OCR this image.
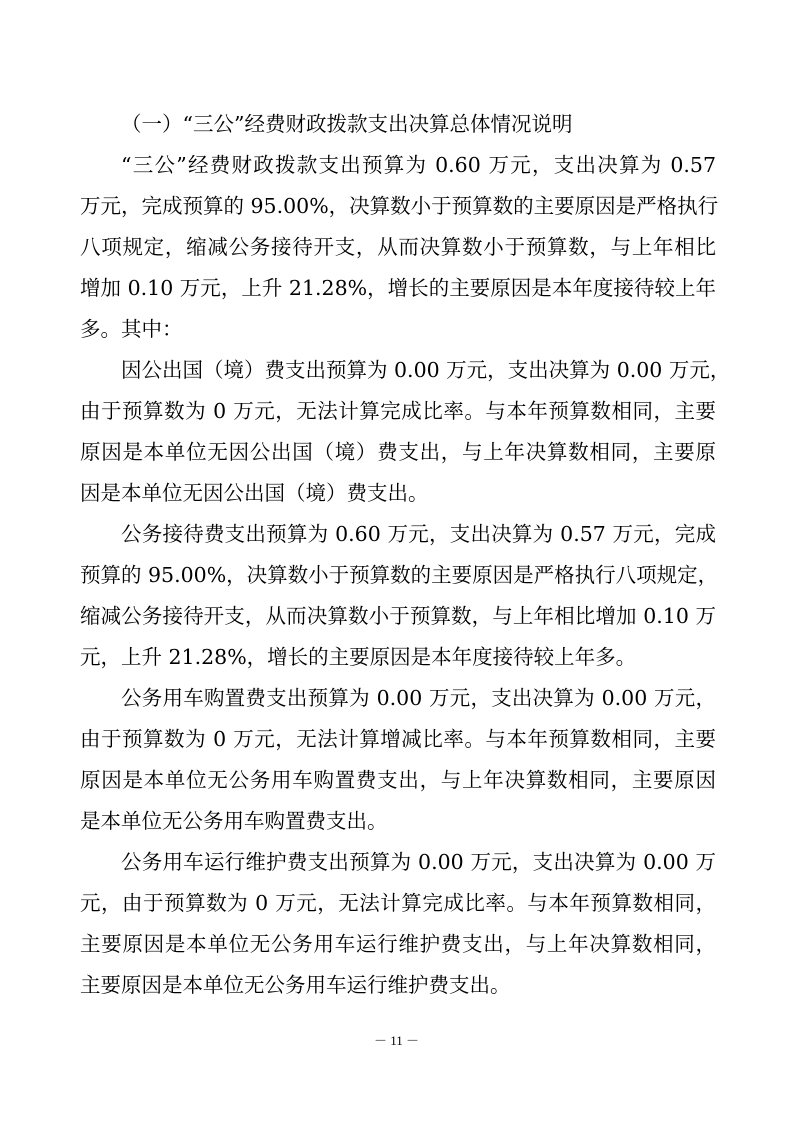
（一）“三公”经费财政拨款支出决算总体情况说明

“三公”经费财政拨款支出预算为 0.60 万元，支出决算为 0.57
万元，完成预算的 95.00%，决算数小于预算数的主要原因是严格执行
八项规定，缩减公务接待开支，从而决算数小于预算数，与上年相比
增加 0.10 万元，上升 21.28%，增长的主要原因是本年度接待较上年
多。其中：

因公出国（境）费支出预算为 0.00 万元，支出决算为 0.00 万元，
由于预算数为 0 万元，无法计算完成比率。与本年预算数相同，主要
原因是本单位无因公出国（境）费支出，与上年决算数相同，主要原
因是本单位无因公出国（境）费支出。

公务接待费支出预算为 0.60 万元，支出决算为 0.57 万元，完成
预算的 95.00%，决算数小于预算数的主要原因是严格执行八项规定，
缩减公务接待开支，从而决算数小于预算数，与上年相比增加 0.10 万
元，上升 21.28%，增长的主要原因是本年度接待较上年多。

公务用车购置费支出预算为 0.00 万元，支出决算为 0.00 万元，
由于预算数为 0 万元，无法计算增减比率。与本年预算数相同，主要
原因是本单位无公务用车购置费支出，与上年决算数相同，主要原因
是本单位无公务用车购置费支出。

公务用车运行维护费支出预算为 0.00 万元，支出决算为 0.00 万
元，由于预算数为 0 万元，无法计算完成比率。与本年预算数相同，
主要原因是本单位无公务用车运行维护费支出，与上年决算数相同，
主要原因是本单位无公务用车运行维护费支出。

－ 11 －
